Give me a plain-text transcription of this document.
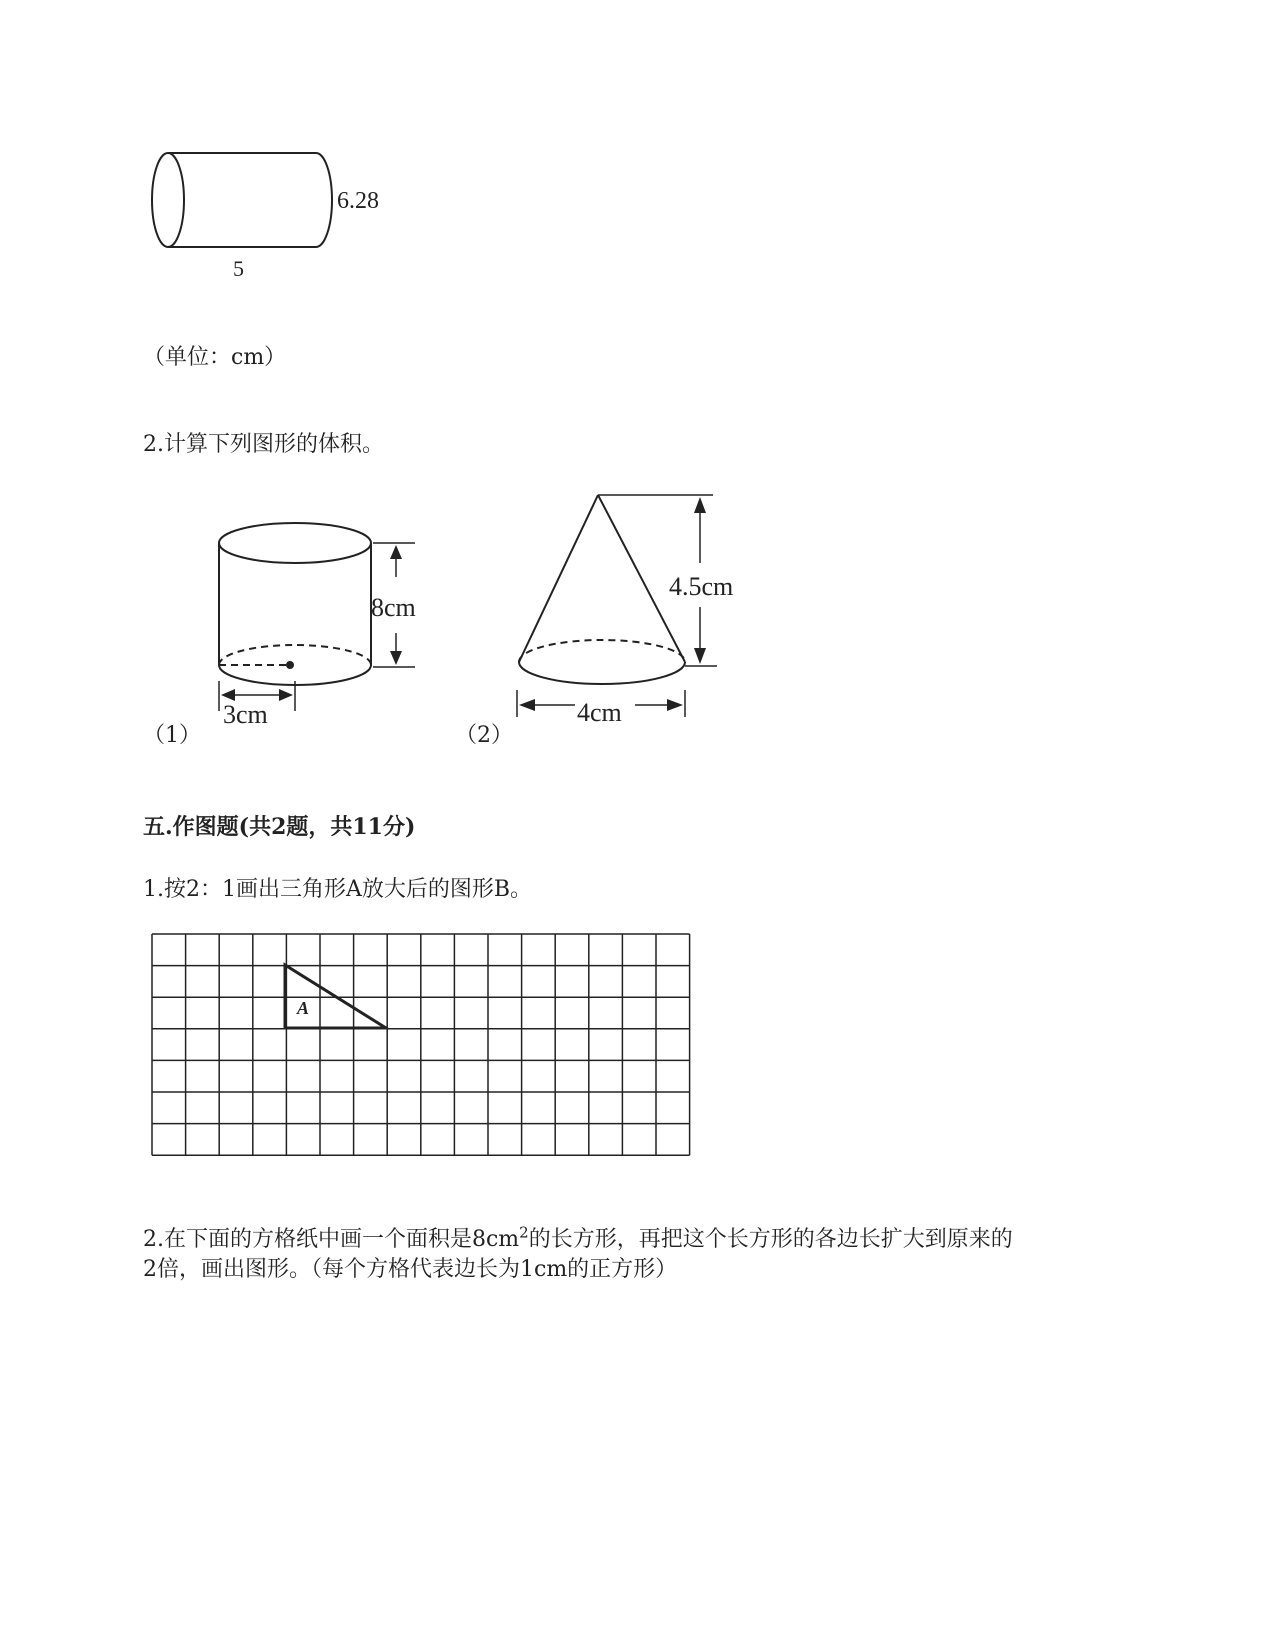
6.28
5
（单位：cm）
2.计算下列图形的体积。
8cm
3cm
（1）
4.5cm
4cm
（2）
五.作图题(共2题，共11分)
1.按2：1画出三角形A放大后的图形B。
A
2.在下面的方格纸中画一个面积是$8cm^2$的长方形，再把这个长方形的各边长扩大到原来的
2倍，画出图形。（每个方格代表边长为1cm的正方形）
